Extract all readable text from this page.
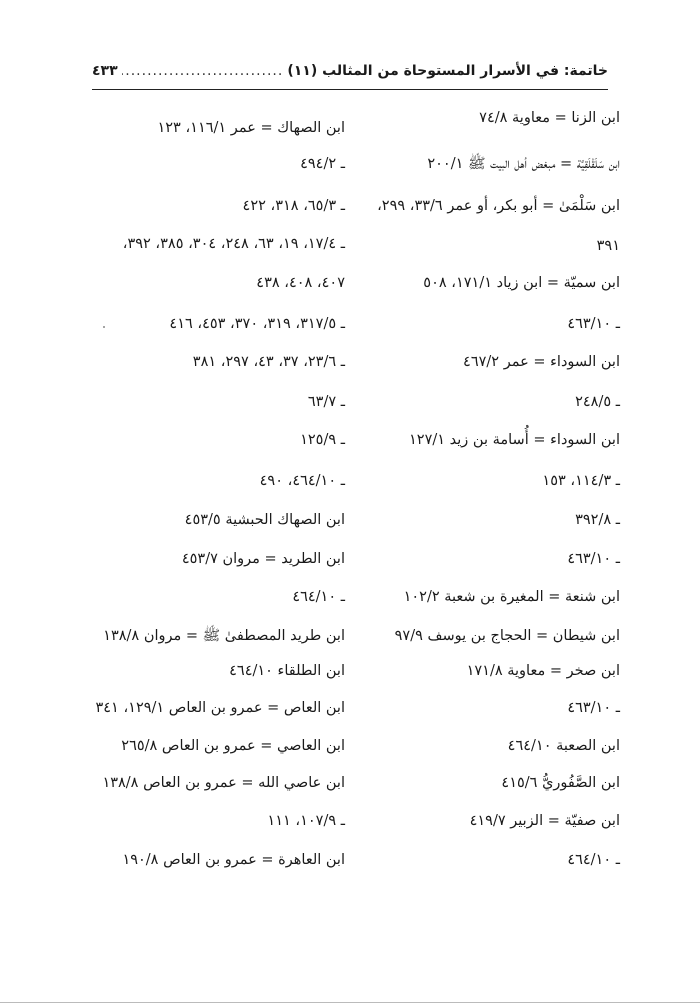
خاتمة: في الأسرار المستوحاة من المثالب (١١)
.....
٤٣٣
ابن الزنا = معاوية ٧٤/٨
ابن سَلَقْلَقِيَّة = مبغض أهل البيت ﷺ ٢٠٠/١
ابن سَلْمَىٰ = أبو بكر، أو عمر ٣٣/٦، ٢٩٩،
٣٩١
ابن سميّة = ابن زياد ١٧١/١، ٥٠٨
ـ ٤٦٣/١٠
ابن السوداء = عمر ٤٦٧/٢
ـ ٢٤٨/٥
ابن السوداء = أُسامة بن زيد ١٢٧/١
ـ ١١٤/٣، ١٥٣
ـ ٣٩٢/٨
ـ ٤٦٣/١٠
ابن شنعة = المغيرة بن شعبة ١٠٢/٢
ابن شيطان = الحجاج بن يوسف ٩٧/٩
ابن صخر = معاوية ١٧١/٨
ـ ٤٦٣/١٠
ابن الصعبة ٤٦٤/١٠
ابن الصَّفُوريُّ ٤١٥/٦
ابن صفيّة = الزبير ٤١٩/٧
ـ ٤٦٤/١٠
ابن الصهاك = عمر ١١٦/١، ١٢٣
ـ ٤٩٤/٢
ـ ٦٥/٣، ٣١٨، ٤٢٢
ـ ١٧/٤، ١٩، ٦٣، ٢٤٨، ٣٠٤، ٣٨٥، ٣٩٢،
٤٠٧، ٤٠٨، ٤٣٨
ـ ٣١٧/٥، ٣١٩، ٣٧٠، ٤٥٣، ٤١٦
ـ ٢٣/٦، ٣٧، ٤٣، ٢٩٧، ٣٨١
ـ ٦٣/٧
ـ ١٢٥/٩
ـ ٤٦٤/١٠، ٤٩٠
ابن الصهاك الحبشية ٤٥٣/٥
ابن الطريد = مروان ٤٥٣/٧
ـ ٤٦٤/١٠
ابن طريد المصطفىٰ ﷺ = مروان ١٣٨/٨
ابن الطلقاء ٤٦٤/١٠
ابن العاص = عمرو بن العاص ١٢٩/١، ٣٤١
ابن العاصي = عمرو بن العاص ٢٦٥/٨
ابن عاصي الله = عمرو بن العاص ١٣٨/٨
ـ ١٠٧/٩، ١١١
ابن العاهرة = عمرو بن العاص ١٩٠/٨
